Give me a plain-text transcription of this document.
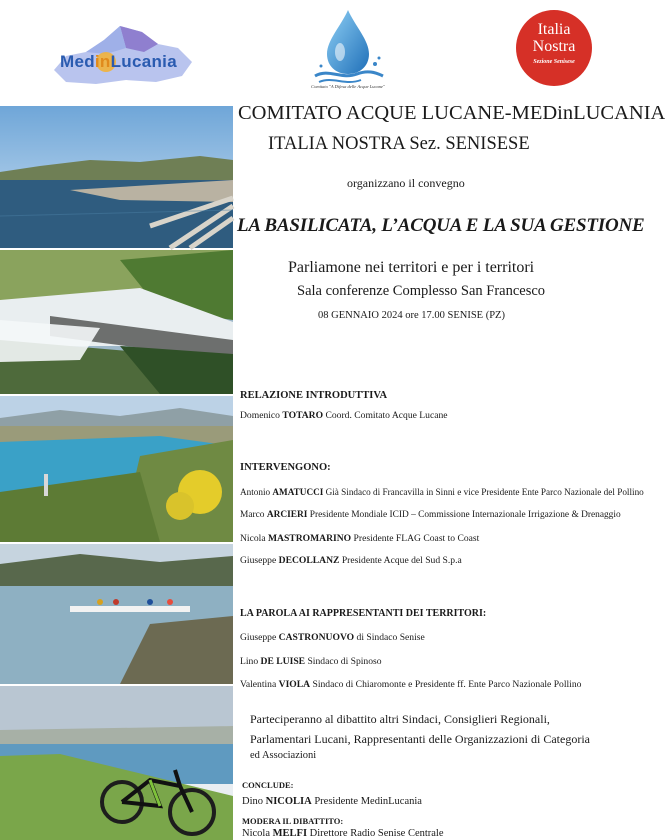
MedinLucania
Comitato "A Difesa delle Acque Lucane"
Italia
Nostra
Sezione Senisese
COMITATO ACQUE LUCANE-MEDinLUCANIA
ITALIA NOSTRA Sez. SENISESE
organizzano il convegno
LA BASILICATA, L’ACQUA E LA SUA GESTIONE
Parliamone nei territori e per i territori
Sala conferenze Complesso San Francesco
08 GENNAIO 2024 ore 17.00 SENISE (PZ)
RELAZIONE INTRODUTTIVA
Domenico TOTARO Coord. Comitato Acque Lucane
INTERVENGONO:
Antonio AMATUCCI Già Sindaco di Francavilla in Sinni e vice Presidente Ente Parco Nazionale del Pollino
Marco ARCIERI Presidente Mondiale ICID – Commissione Internazionale Irrigazione & Drenaggio
Nicola MASTROMARINO Presidente FLAG Coast to Coast
Giuseppe DECOLLANZ Presidente Acque del Sud S.p.a
LA PAROLA AI RAPPRESENTANTI DEI TERRITORI:
Giuseppe CASTRONUOVO di Sindaco Senise
Lino DE LUISE Sindaco di Spinoso
Valentina VIOLA Sindaco di Chiaromonte e Presidente ff. Ente Parco Nazionale Pollino
Parteciperanno al dibattito altri Sindaci, Consiglieri Regionali,
Parlamentari Lucani, Rappresentanti delle Organizzazioni di Categoria
ed Associazioni
CONCLUDE:
Dino NICOLIA Presidente MedinLucania
MODERA IL DIBATTITO:
Nicola MELFI Direttore Radio Senise Centrale
